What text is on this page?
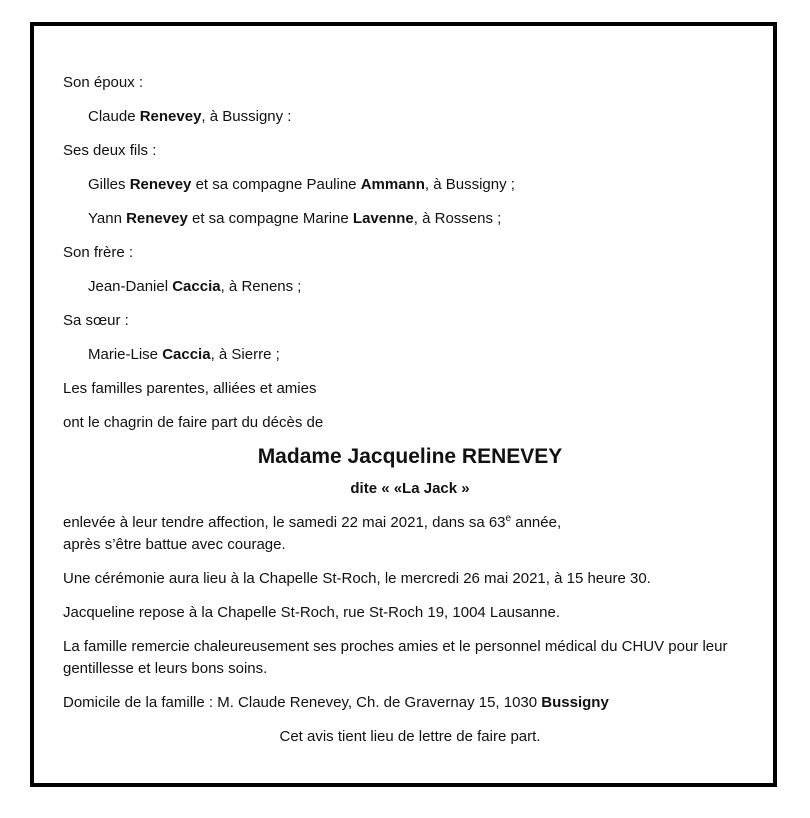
Son époux :

Claude Renevey, à Bussigny :

Ses deux fils :

Gilles Renevey et sa compagne Pauline Ammann, à Bussigny ;

Yann Renevey et sa compagne Marine Lavenne, à Rossens ;

Son frère :

Jean-Daniel Caccia, à Renens ;

Sa sœur :

Marie-Lise Caccia, à Sierre ;

Les familles parentes, alliées et amies

ont le chagrin de faire part du décès de

Madame Jacqueline RENEVEY

dite « «La Jack »

enlevée à leur tendre affection, le samedi 22 mai 2021, dans sa 63e année,
après s’être battue avec courage.

Une cérémonie aura lieu à la Chapelle St-Roch, le mercredi 26 mai 2021, à 15 heure 30.

Jacqueline repose à la Chapelle St-Roch, rue St-Roch 19, 1004 Lausanne.

La famille remercie chaleureusement ses proches amies et le personnel médical du CHUV pour leur
gentillesse et leurs bons soins.

Domicile de la famille : M. Claude Renevey, Ch. de Gravernay 15, 1030 Bussigny

Cet avis tient lieu de lettre de faire part.
